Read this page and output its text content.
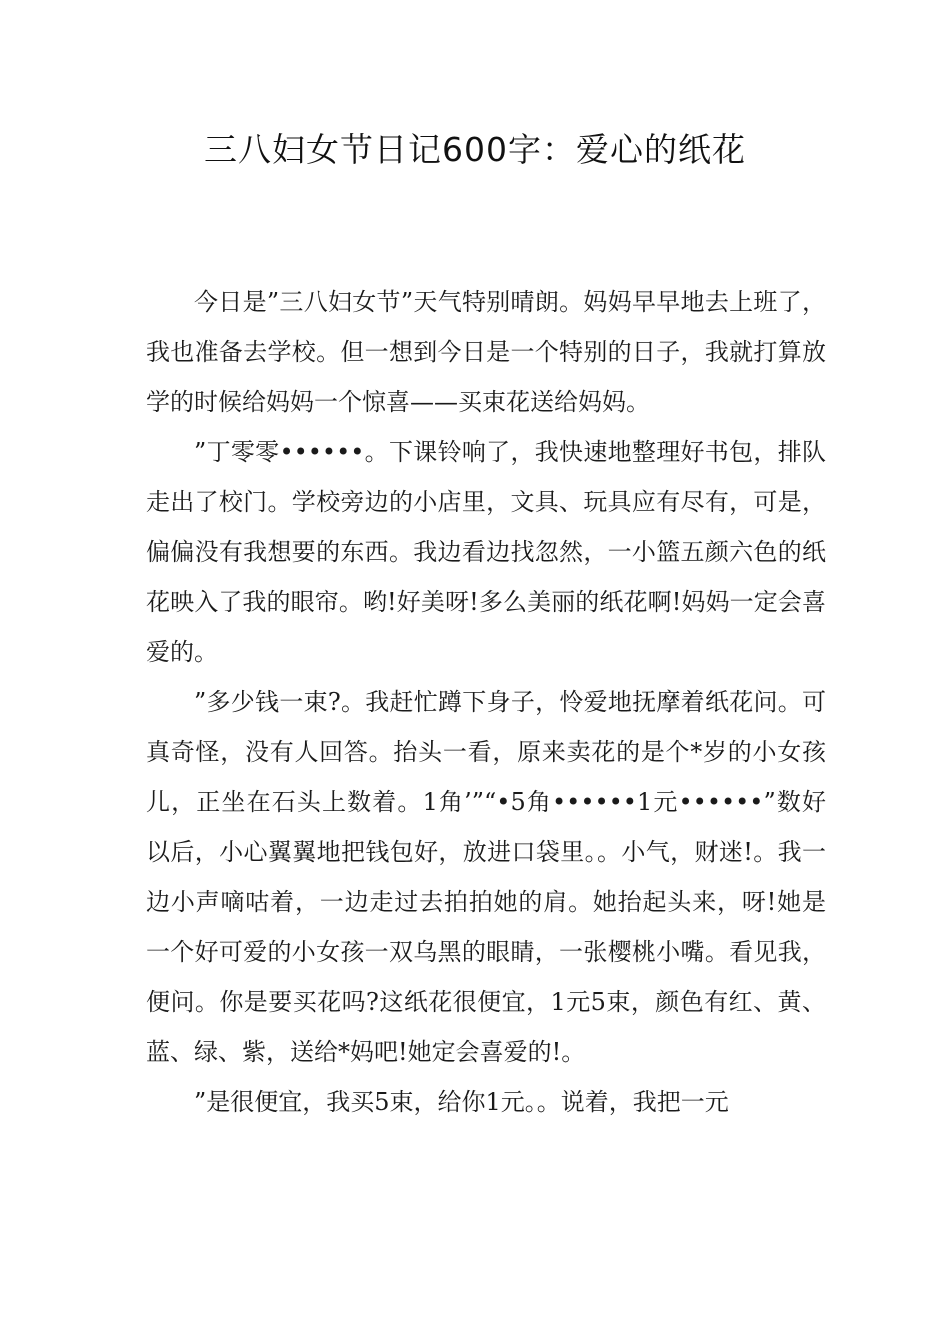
三八妇女节日记600字：爱心的纸花

今日是”三八妇女节”天气特别晴朗。妈妈早早地去上班了，我也准备去学校。但一想到今日是一个特别的日子，我就打算放学的时候给妈妈一个惊喜——买束花送给妈妈。

”丁零零••••••。下课铃响了，我快速地整理好书包，排队走出了校门。学校旁边的小店里，文具、玩具应有尽有，可是，偏偏没有我想要的东西。我边看边找忽然，一小篮五颜六色的纸花映入了我的眼帘。哟!好美呀!多么美丽的纸花啊!妈妈一定会喜爱的。

”多少钱一束?。我赶忙蹲下身子，怜爱地抚摩着纸花问。可真奇怪，没有人回答。抬头一看，原来卖花的是个*岁的小女孩儿，正坐在石头上数着。1角’”“•5角••••••1元••••••”数好以后，小心翼翼地把钱包好，放进口袋里。。小气，财迷!。我一边小声嘀咕着，一边走过去拍拍她的肩。她抬起头来，呀!她是一个好可爱的小女孩一双乌黑的眼睛，一张樱桃小嘴。看见我，便问。你是要买花吗?这纸花很便宜，1元5束，颜色有红、黄、蓝、绿、紫，送给*妈吧!她定会喜爱的!。

”是很便宜，我买5束，给你1元。。说着，我把一元
